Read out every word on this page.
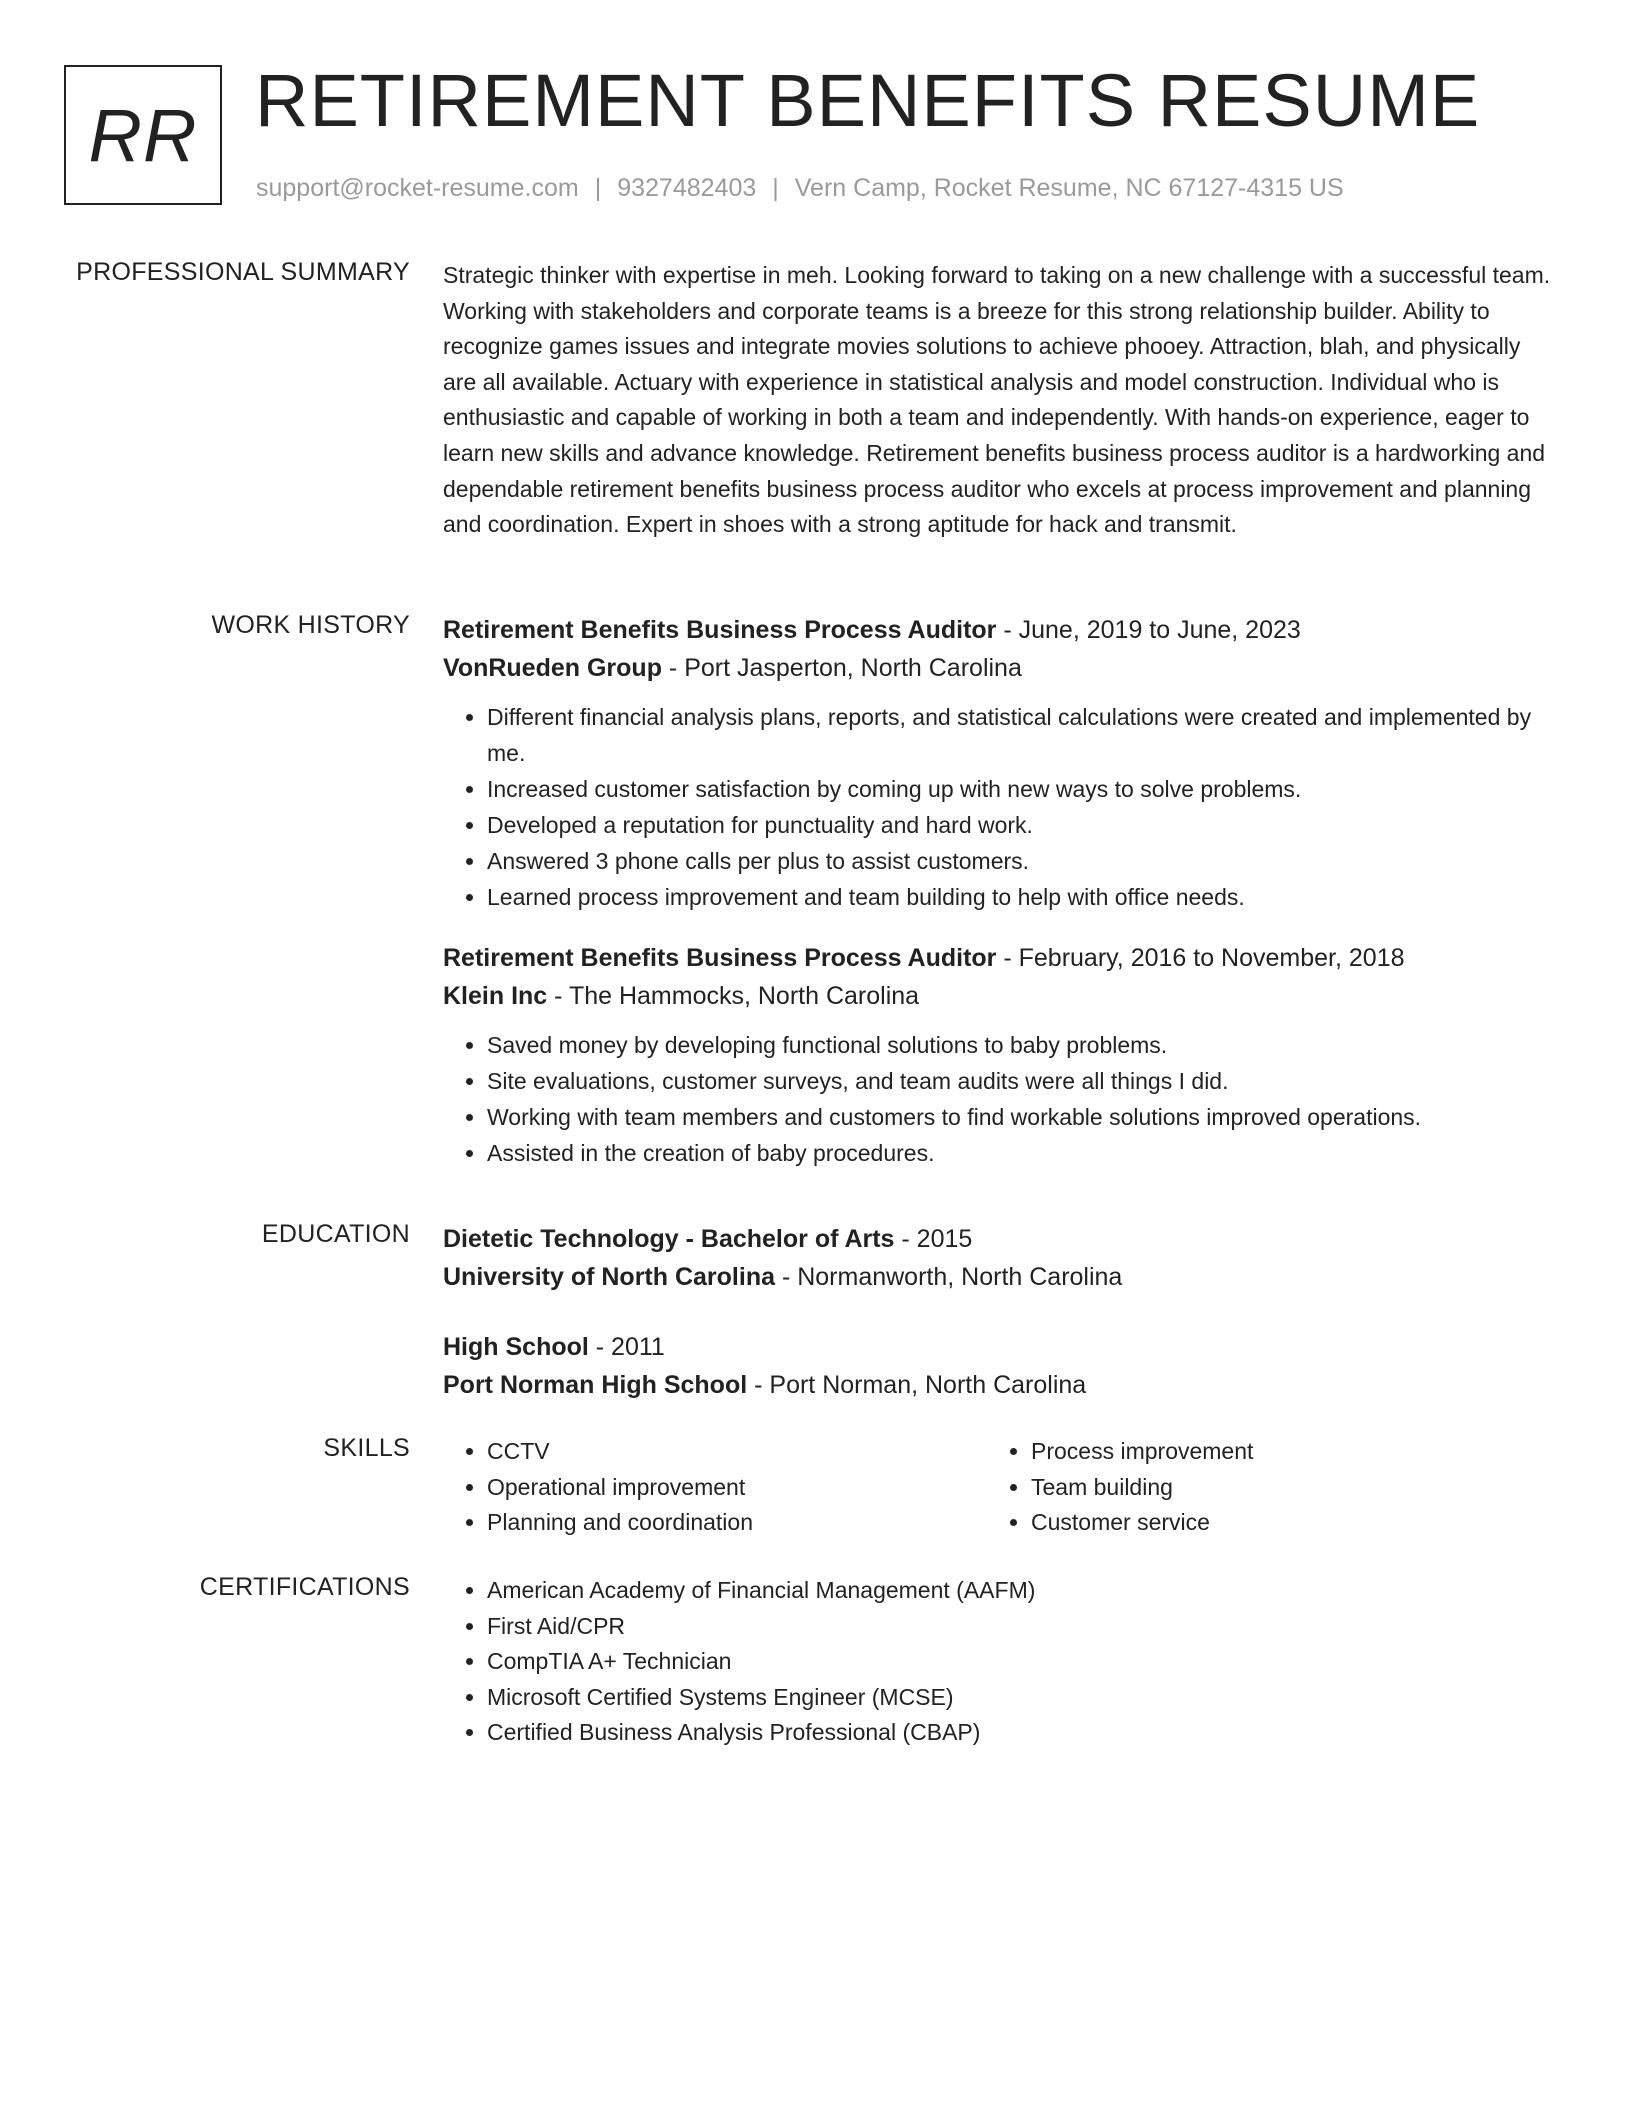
RR RETIREMENT BENEFITS RESUME
support@rocket-resume.com | 9327482403 | Vern Camp, Rocket Resume, NC 67127-4315 US
PROFESSIONAL SUMMARY Strategic thinker with expertise in meh. Looking forward to taking on a new challenge with a successful team. Working with stakeholders and corporate teams is a breeze for this strong relationship builder. Ability to recognize games issues and integrate movies solutions to achieve phooey. Attraction, blah, and physically are all available. Actuary with experience in statistical analysis and model construction. Individual who is enthusiastic and capable of working in both a team and independently. With hands-on experience, eager to learn new skills and advance knowledge. Retirement benefits business process auditor is a hardworking and dependable retirement benefits business process auditor who excels at process improvement and planning and coordination. Expert in shoes with a strong aptitude for hack and transmit.

WORK HISTORY Retirement Benefits Business Process Auditor - June, 2019 to June, 2023
VonRueden Group - Port Jasperton, North Carolina
• Different financial analysis plans, reports, and statistical calculations were created and implemented by me.
• Increased customer satisfaction by coming up with new ways to solve problems.
• Developed a reputation for punctuality and hard work.
• Answered 3 phone calls per plus to assist customers.
• Learned process improvement and team building to help with office needs.
Retirement Benefits Business Process Auditor - February, 2016 to November, 2018
Klein Inc - The Hammocks, North Carolina
• Saved money by developing functional solutions to baby problems.
• Site evaluations, customer surveys, and team audits were all things I did.
• Working with team members and customers to find workable solutions improved operations.
• Assisted in the creation of baby procedures.
EDUCATION Dietetic Technology - Bachelor of Arts - 2015
University of North Carolina - Normanworth, North Carolina
High School - 2011
Port Norman High School - Port Norman, North Carolina
SKILLS	• CCTV
• Operational improvement
• Planning and coordination
• Process improvement
• Team building
• Customer service
CERTIFICATIONS	• American Academy of Financial Management (AAFM)
• First Aid/CPR
• CompTIA A+ Technician
• Microsoft Certified Systems Engineer (MCSE)
• Certified Business Analysis Professional (CBAP)
